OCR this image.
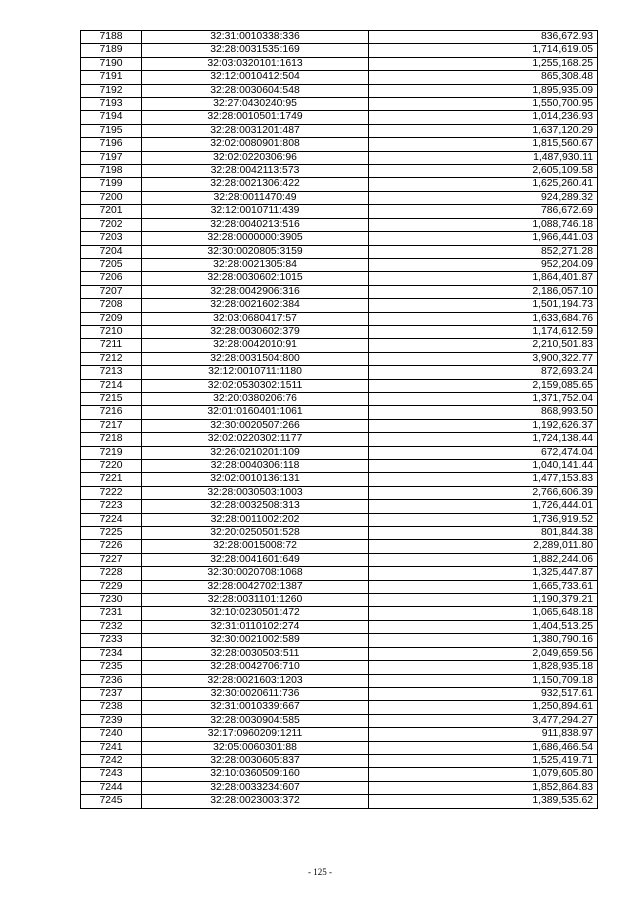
7188	32:31:0010338:336	836,672.93
7189	32:28:0031535:169	1,714,619.05
7190	32:03:0320101:1613	1,255,168.25
7191	32:12:0010412:504	865,308.48
7192	32:28:0030604:548	1,895,935.09
7193	32:27:0430240:95	1,550,700.95
7194	32:28:0010501:1749	1,014,236.93
7195	32:28:0031201:487	1,637,120.29
7196	32:02:0080901:808	1,815,560.67
7197	32:02:0220306:96	1,487,930.11
7198	32:28:0042113:573	2,605,109.58
7199	32:28:0021306:422	1,625,260.41
7200	32:28:0011470:49	924,289.32
7201	32:12:0010711:439	786,672.69
7202	32:28:0040213:516	1,088,746.18
7203	32:28:0000000:3905	1,966,441.03
7204	32:30:0020805:3159	852,271.28
7205	32:28:0021305:84	952,204.09
7206	32:28:0030602:1015	1,864,401.87
7207	32:28:0042906:316	2,186,057.10
7208	32:28:0021602:384	1,501,194.73
7209	32:03:0680417:57	1,633,684.76
7210	32:28:0030602:379	1,174,612.59
7211	32:28:0042010:91	2,210,501.83
7212	32:28:0031504:800	3,900,322.77
7213	32:12:0010711:1180	872,693.24
7214	32:02:0530302:1511	2,159,085.65
7215	32:20:0380206:76	1,371,752.04
7216	32:01:0160401:1061	868,993.50
7217	32:30:0020507:266	1,192,626.37
7218	32:02:0220302:1177	1,724,138.44
7219	32:26:0210201:109	672,474.04
7220	32:28:0040306:118	1,040,141.44
7221	32:02:0010136:131	1,477,153.83
7222	32:28:0030503:1003	2,766,606.39
7223	32:28:0032508:313	1,726,444.01
7224	32:28:0011002:202	1,736,919.52
7225	32:20:0250501:528	801,844.38
7226	32:28:0015008:72	2,289,011.80
7227	32:28:0041601:649	1,882,244.06
7228	32:30:0020708:1068	1,325,447.87
7229	32:28:0042702:1387	1,665,733.61
7230	32:28:0031101:1260	1,190,379.21
7231	32:10:0230501:472	1,065,648.18
7232	32:31:0110102:274	1,404,513.25
7233	32:30:0021002:589	1,380,790.16
7234	32:28:0030503:511	2,049,659.56
7235	32:28:0042706:710	1,828,935.18
7236	32:28:0021603:1203	1,150,709.18
7237	32:30:0020611:736	932,517.61
7238	32:31:0010339:667	1,250,894.61
7239	32:28:0030904:585	3,477,294.27
7240	32:17:0960209:1211	911,838.97
7241	32:05:0060301:88	1,686,466.54
7242	32:28:0030605:837	1,525,419.71
7243	32:10:0360509:160	1,079,605.80
7244	32:28:0033234:607	1,852,864.83
7245	32:28:0023003:372	1,389,535.62
- 125 -
